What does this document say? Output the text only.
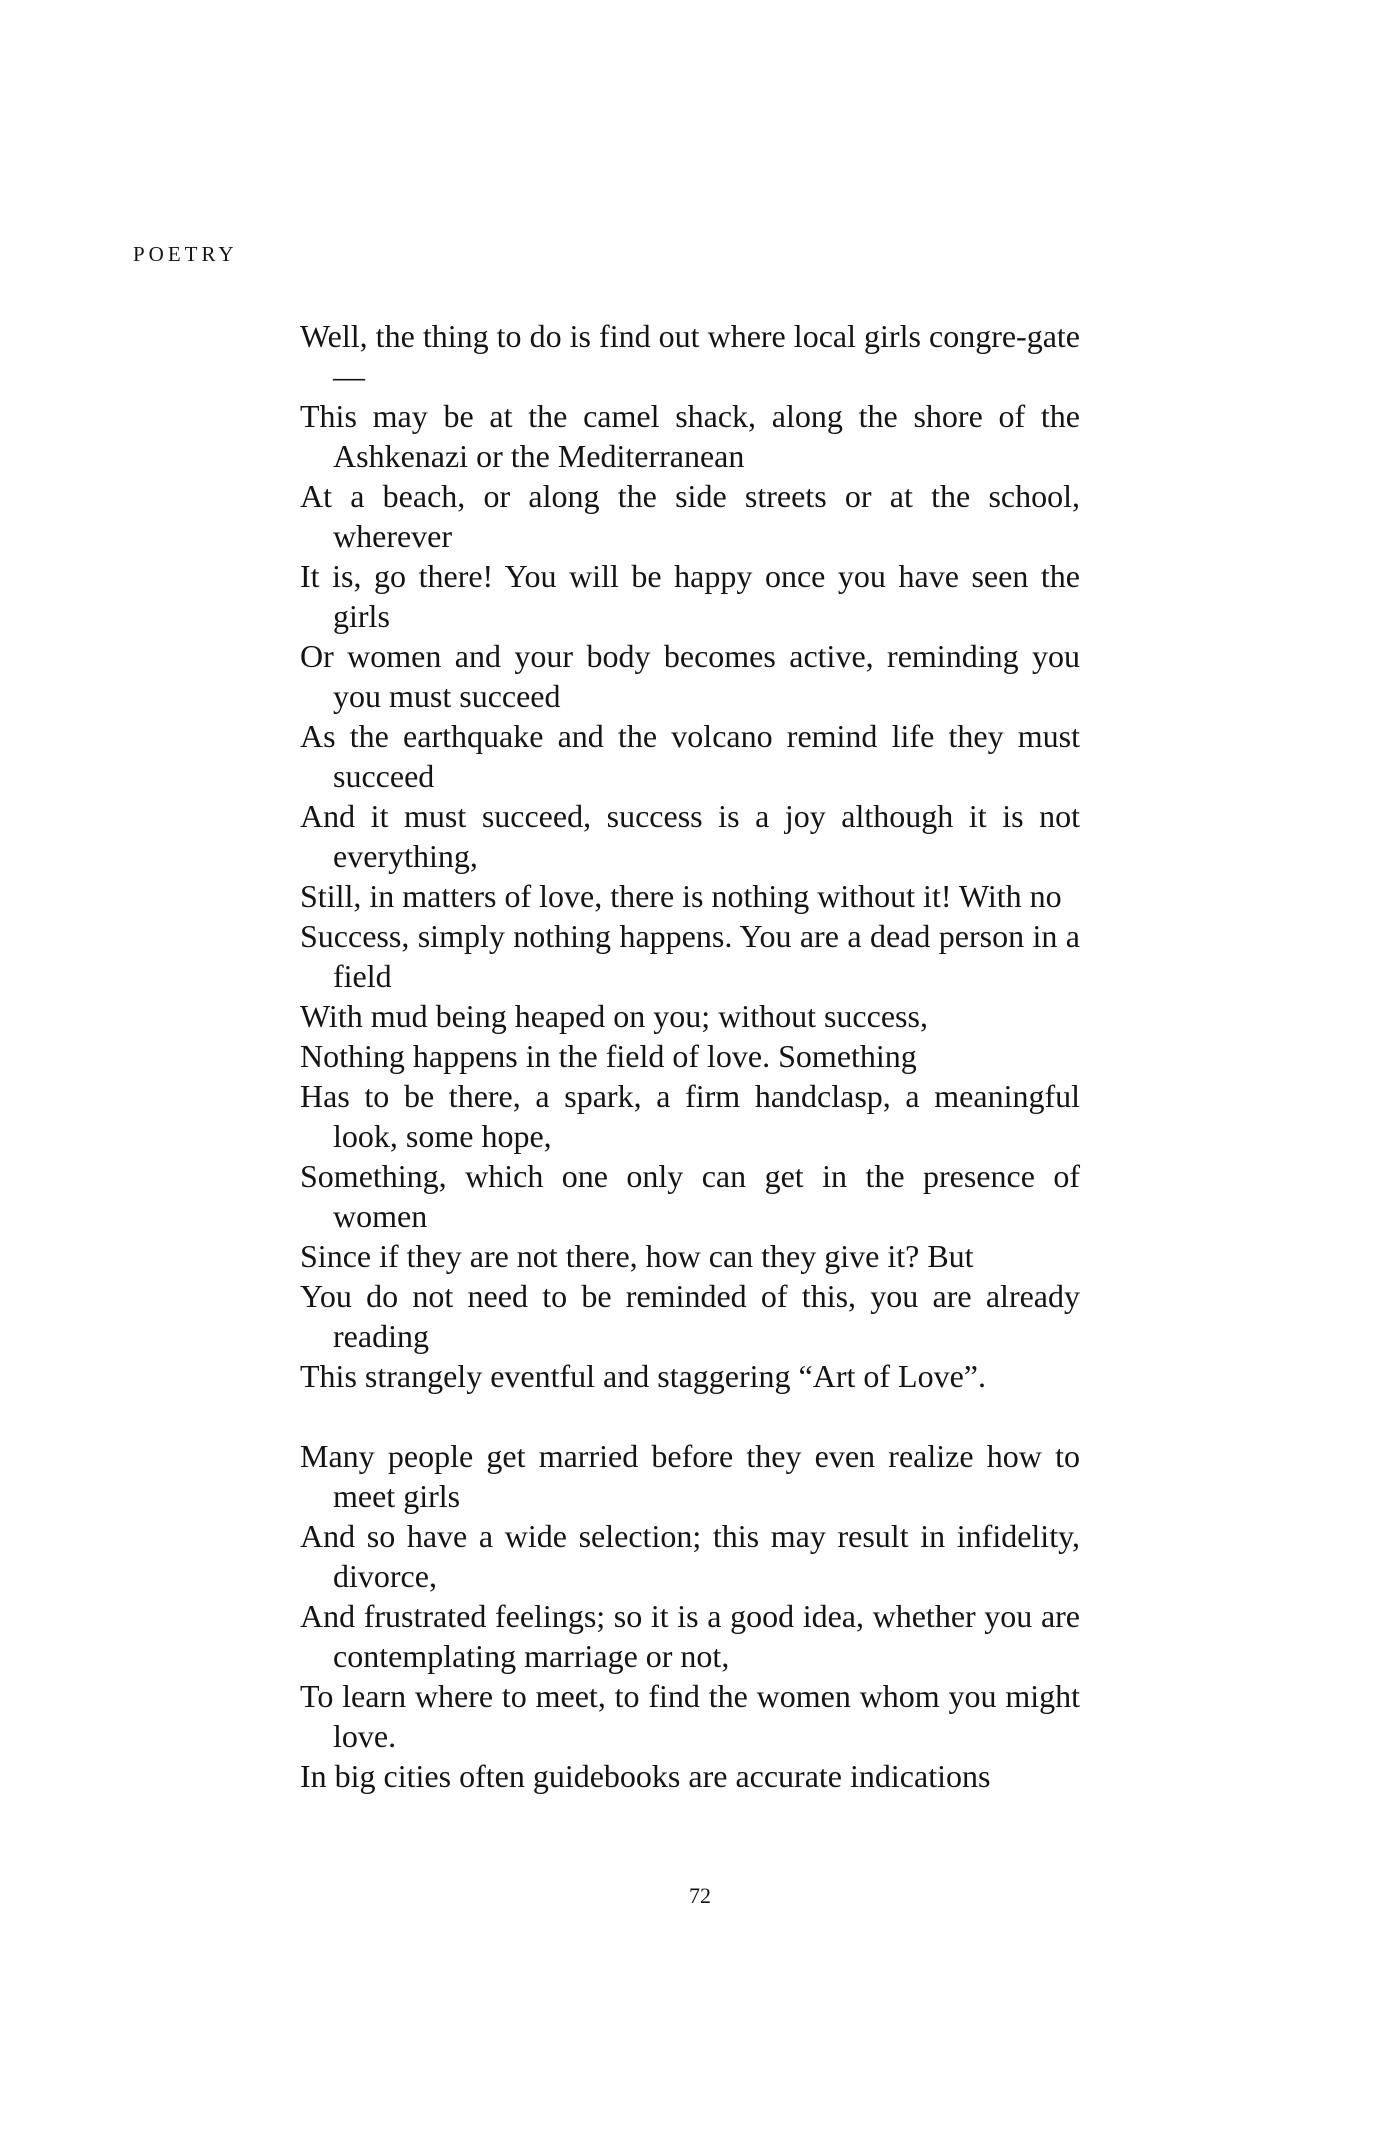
POETRY
Well, the thing to do is find out where local girls congre-gate—
This may be at the camel shack, along the shore of the Ashkenazi or the Mediterranean
At a beach, or along the side streets or at the school, wherever
It is, go there! You will be happy once you have seen the girls
Or women and your body becomes active, reminding you you must succeed
As the earthquake and the volcano remind life they must succeed
And it must succeed, success is a joy although it is not everything,
Still, in matters of love, there is nothing without it! With no
Success, simply nothing happens. You are a dead person in a field
With mud being heaped on you; without success,
Nothing happens in the field of love. Something
Has to be there, a spark, a firm handclasp, a meaningful look, some hope,
Something, which one only can get in the presence of women
Since if they are not there, how can they give it? But
You do not need to be reminded of this, you are already reading
This strangely eventful and staggering “Art of Love”.
Many people get married before they even realize how to meet girls
And so have a wide selection; this may result in infidelity, divorce,
And frustrated feelings; so it is a good idea, whether you are contemplating marriage or not,
To learn where to meet, to find the women whom you might love.
In big cities often guidebooks are accurate indications
72
